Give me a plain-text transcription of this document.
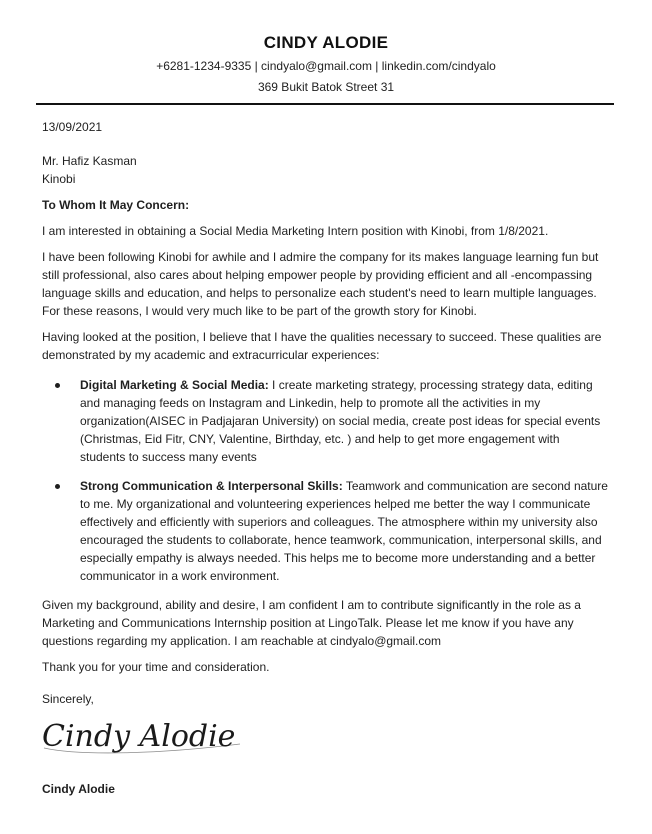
CINDY ALODIE
+6281-1234-9335 | cindyalo@gmail.com | linkedin.com/cindyalo
369 Bukit Batok Street 31

13/09/2021

Mr. Hafiz Kasman

Kinobi

To Whom It May Concern:

I am interested in obtaining a Social Media Marketing Intern position with Kinobi, from 1/8/2021.

I have been following Kinobi for awhile and I admire the company for its makes language learning fun but still professional, also cares about helping empower people by providing efficient and all -encompassing language skills and education, and helps to personalize each student's need to learn multiple languages. For these reasons, I would very much like to be part of the growth story for Kinobi.

Having looked at the position, I believe that I have the qualities necessary to succeed. These qualities are demonstrated by my academic and extracurricular experiences:

Digital Marketing & Social Media: I create marketing strategy, processing strategy data, editing and managing feeds on Instagram and Linkedin, help to promote all the activities in my organization(AISEC in Padjajaran University) on social media, create post ideas for special events (Christmas, Eid Fitr, CNY, Valentine, Birthday, etc. ) and help to get more engagement with students to success many events
Strong Communication & Interpersonal Skills: Teamwork and communication are second nature to me. My organizational and volunteering experiences helped me better the way I communicate effectively and efficiently with superiors and colleagues. The atmosphere within my university also encouraged the students to collaborate, hence teamwork, communication, interpersonal skills, and especially empathy is always needed. This helps me to become more understanding and a better communicator in a work environment.

Given my background, ability and desire, I am confident I am to contribute significantly in the role as a Marketing and Communications Internship position at LingoTalk. Please let me know if you have any questions regarding my application. I am reachable at cindyalo@gmail.com

Thank you for your time and consideration.

Sincerely,

Cindy Alodie
Cindy Alodie
